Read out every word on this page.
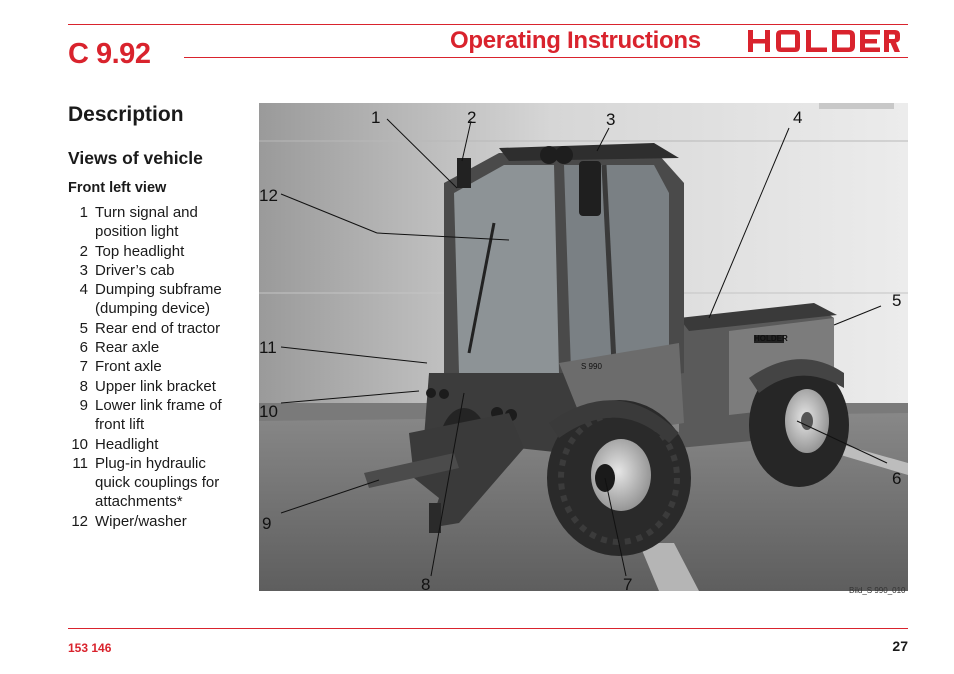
C 9.92	Operating Instructions
Description
Views of vehicle
Front left view
1 Turn signal and position light
2 Top headlight
3 Driver’s cab
4 Dumping subframe (dumping device)
5 Rear end of tractor
6 Rear axle
7 Front axle
8 Upper link bracket
9 Lower link frame of front lift
10 Headlight
11 Plug-in hydraulic quick couplings for attachments*
12 Wiper/washer
S 990
HOLDER
1	2	3	4
5
6
7
8
9
10
11
12
Bild_S 990_010
153 146	27
